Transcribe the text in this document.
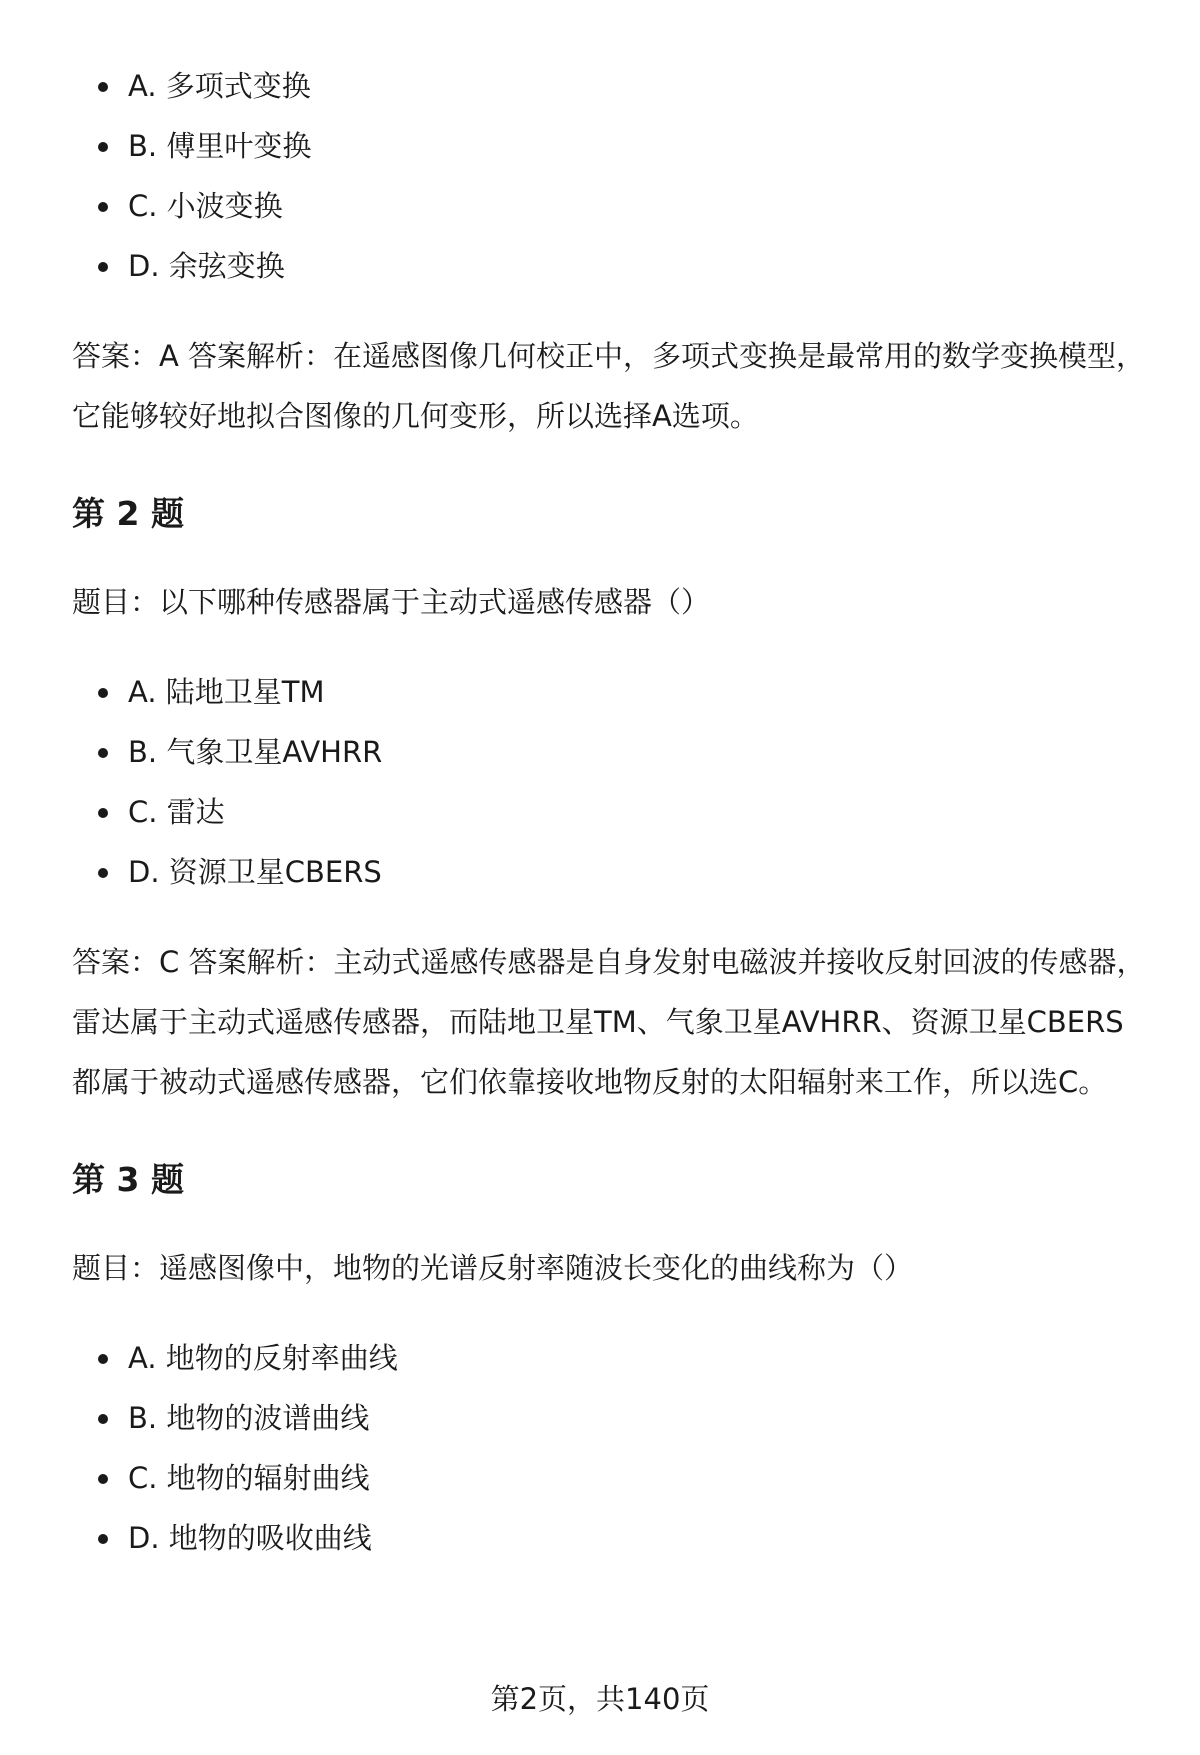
A. 多项式变换
B. 傅里叶变换
C. 小波变换
D. 余弦变换

答案：A 答案解析：在遥感图像几何校正中，多项式变换是最常用的数学变换模型，它能够较好地拟合图像的几何变形，所以选择A选项。

第 2 题

题目：以下哪种传感器属于主动式遥感传感器（）

A. 陆地卫星TM
B. 气象卫星AVHRR
C. 雷达
D. 资源卫星CBERS

答案：C 答案解析：主动式遥感传感器是自身发射电磁波并接收反射回波的传感器，雷达属于主动式遥感传感器，而陆地卫星TM、气象卫星AVHRR、资源卫星CBERS都属于被动式遥感传感器，它们依靠接收地物反射的太阳辐射来工作，所以选C。

第 3 题

题目：遥感图像中，地物的光谱反射率随波长变化的曲线称为（）

A. 地物的反射率曲线
B. 地物的波谱曲线
C. 地物的辐射曲线
D. 地物的吸收曲线
第2页，共140页
